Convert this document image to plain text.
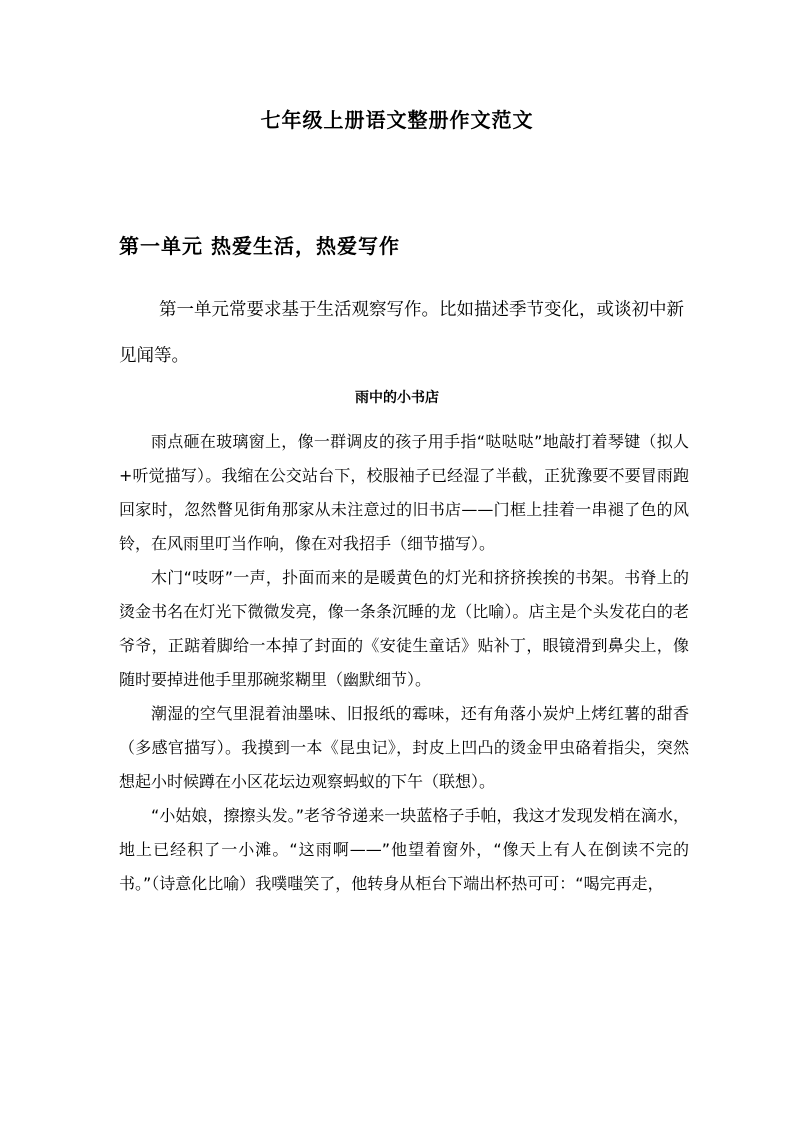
七年级上册语文整册作文范文
第一单元 热爱生活，热爱写作

第一单元常要求基于生活观察写作。比如描述季节变化，或谈初中新见闻等。

雨中的小书店

雨点砸在玻璃窗上，像一群调皮的孩子用手指“哒哒哒”地敲打着琴键（拟人+听觉描写）。我缩在公交站台下，校服袖子已经湿了半截，正犹豫要不要冒雨跑回家时，忽然瞥见街角那家从未注意过的旧书店——门框上挂着一串褪了色的风铃，在风雨里叮当作响，像在对我招手（细节描写）。

木门“吱呀”一声，扑面而来的是暖黄色的灯光和挤挤挨挨的书架。书脊上的烫金书名在灯光下微微发亮，像一条条沉睡的龙（比喻）。店主是个头发花白的老爷爷，正踮着脚给一本掉了封面的《安徒生童话》贴补丁，眼镜滑到鼻尖上，像随时要掉进他手里那碗浆糊里（幽默细节）。

潮湿的空气里混着油墨味、旧报纸的霉味，还有角落小炭炉上烤红薯的甜香（多感官描写）。我摸到一本《昆虫记》，封皮上凹凸的烫金甲虫硌着指尖，突然想起小时候蹲在小区花坛边观察蚂蚁的下午（联想）。

“小姑娘，擦擦头发。”老爷爷递来一块蓝格子手帕，我这才发现发梢在滴水，地上已经积了一小滩。“这雨啊——”他望着窗外，“像天上有人在倒读不完的书。”（诗意化比喻）我噗嗤笑了，他转身从柜台下端出杯热可可：“喝完再走，
